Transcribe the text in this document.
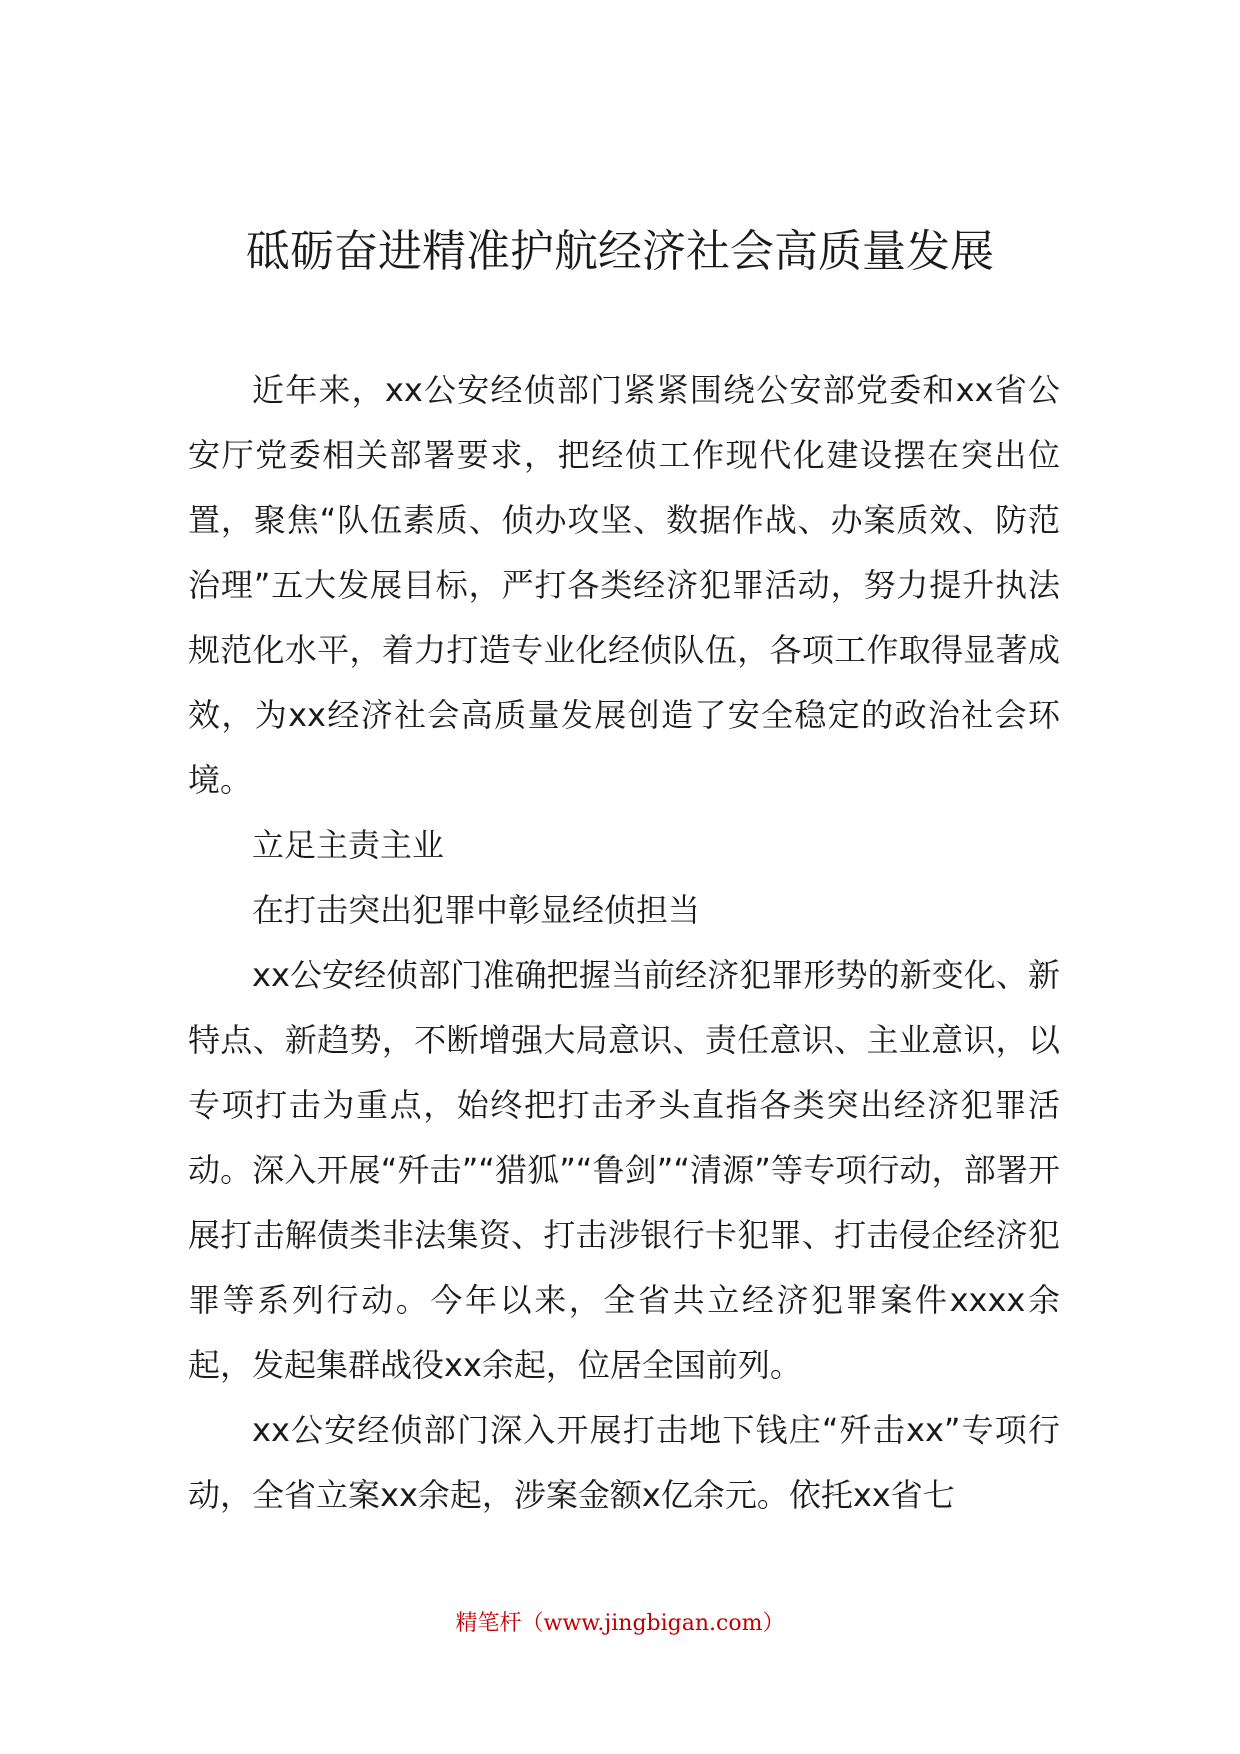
砥砺奋进精准护航经济社会高质量发展

近年来，xx公安经侦部门紧紧围绕公安部党委和xx省公安厅党委相关部署要求，把经侦工作现代化建设摆在突出位置，聚焦“队伍素质、侦办攻坚、数据作战、办案质效、防范治理”五大发展目标，严打各类经济犯罪活动，努力提升执法规范化水平，着力打造专业化经侦队伍，各项工作取得显著成效，为xx经济社会高质量发展创造了安全稳定的政治社会环境。

立足主责主业

在打击突出犯罪中彰显经侦担当

xx公安经侦部门准确把握当前经济犯罪形势的新变化、新特点、新趋势，不断增强大局意识、责任意识、主业意识，以专项打击为重点，始终把打击矛头直指各类突出经济犯罪活动。深入开展“歼击”“猎狐”“鲁剑”“清源”等专项行动，部署开展打击解债类非法集资、打击涉银行卡犯罪、打击侵企经济犯罪等系列行动。今年以来，全省共立经济犯罪案件xxxx余起，发起集群战役xx余起，位居全国前列。

xx公安经侦部门深入开展打击地下钱庄“歼击xx”专项行动，全省立案xx余起，涉案金额x亿余元。依托xx省七

精笔杆（www.jingbigan.com）
